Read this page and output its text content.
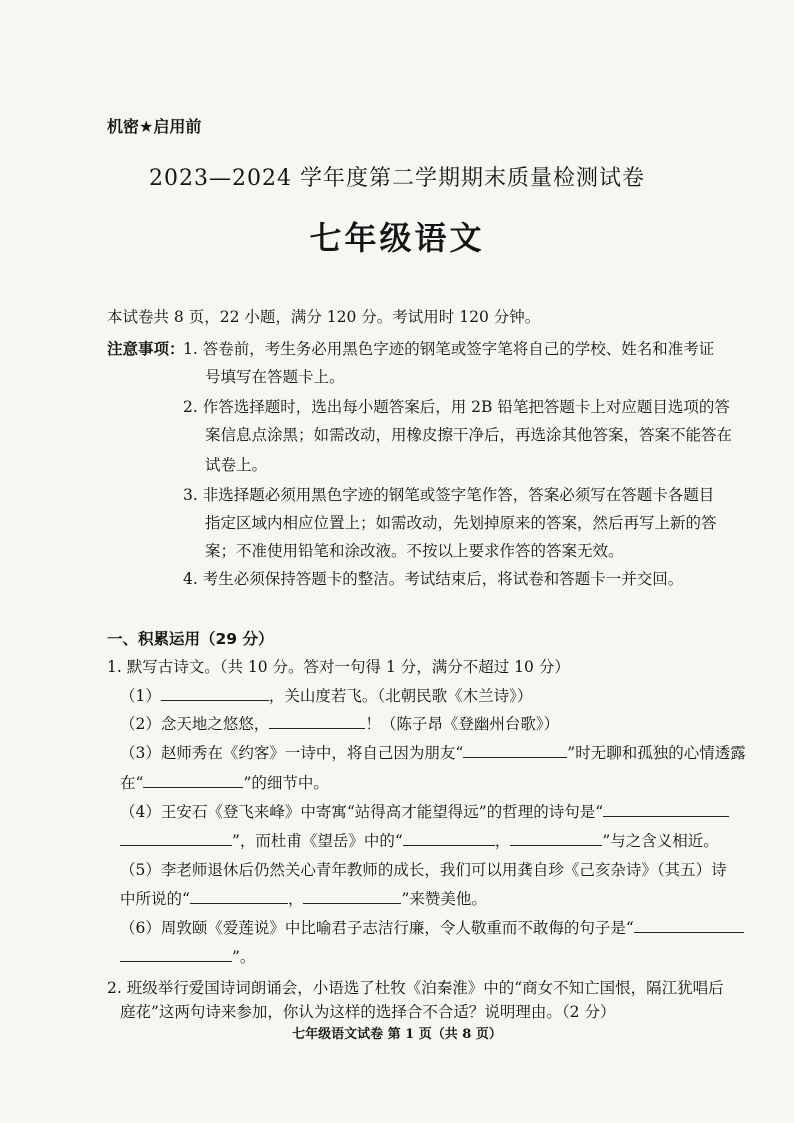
机密★启用前
2023—2024 学年度第二学期期末质量检测试卷
七年级语文
本试卷共 8 页，22 小题，满分 120 分。考试用时 120 分钟。
注意事项：
1. 答卷前，考生务必用黑色字迹的钢笔或签字笔将自己的学校、姓名和准考证
号填写在答题卡上。
2. 作答选择题时，选出每小题答案后，用 2B 铅笔把答题卡上对应题目选项的答
案信息点涂黑；如需改动，用橡皮擦干净后，再选涂其他答案，答案不能答在
试卷上。
3. 非选择题必须用黑色字迹的钢笔或签字笔作答，答案必须写在答题卡各题目
指定区域内相应位置上；如需改动，先划掉原来的答案，然后再写上新的答
案；不准使用铅笔和涂改液。不按以上要求作答的答案无效。
4. 考生必须保持答题卡的整洁。考试结束后，将试卷和答题卡一并交回。
一、积累运用（29 分）
1. 默写古诗文。（共 10 分。答对一句得 1 分，满分不超过 10 分）
（1）	，关山度若飞。（北朝民歌《木兰诗》）
（2）念天地之悠悠，	！（陈子昂《登幽州台歌》）
（3）赵师秀在《约客》一诗中，将自己因为朋友“	”时无聊和孤独的心情透露
在“	”的细节中。
（4）王安石《登飞来峰》中寄寓“站得高才能望得远”的哲理的诗句是“
”，而杜甫《望岳》中的“	，	”与之含义相近。
（5）李老师退休后仍然关心青年教师的成长，我们可以用龚自珍《己亥杂诗》（其五）诗
中所说的“	，	”来赞美他。
（6）周敦颐《爱莲说》中比喻君子志洁行廉，令人敬重而不敢侮的句子是“
”。
2. 班级举行爱国诗词朗诵会，小语选了杜牧《泊秦淮》中的“商女不知亡国恨，隔江犹唱后
庭花”这两句诗来参加，你认为这样的选择合不合适？说明理由。（2 分）
七年级语文试卷 第 1 页（共 8 页）
